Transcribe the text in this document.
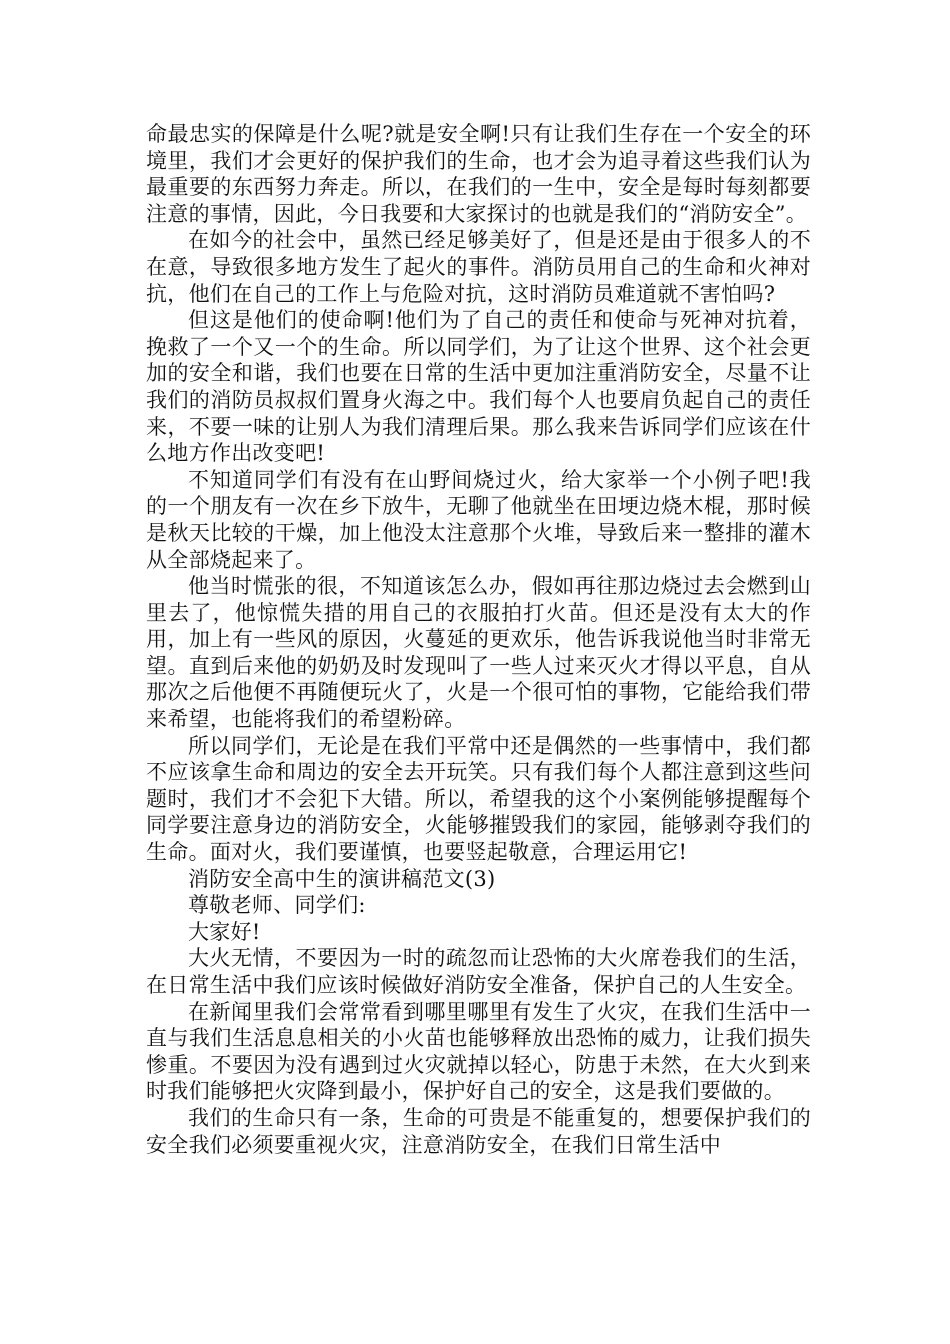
命最忠实的保障是什么呢?就是安全啊!只有让我们生存在一个安全的环境里，我们才会更好的保护我们的生命，也才会为追寻着这些我们认为最重要的东西努力奔走。所以，在我们的一生中，安全是每时每刻都要注意的事情，因此，今日我要和大家探讨的也就是我们的“消防安全”。

在如今的社会中，虽然已经足够美好了，但是还是由于很多人的不在意，导致很多地方发生了起火的事件。消防员用自己的生命和火神对抗，他们在自己的工作上与危险对抗，这时消防员难道就不害怕吗?

但这是他们的使命啊!他们为了自己的责任和使命与死神对抗着，挽救了一个又一个的生命。所以同学们，为了让这个世界、这个社会更加的安全和谐，我们也要在日常的生活中更加注重消防安全，尽量不让我们的消防员叔叔们置身火海之中。我们每个人也要肩负起自己的责任来，不要一味的让别人为我们清理后果。那么我来告诉同学们应该在什么地方作出改变吧!

不知道同学们有没有在山野间烧过火，给大家举一个小例子吧!我的一个朋友有一次在乡下放牛，无聊了他就坐在田埂边烧木棍，那时候是秋天比较的干燥，加上他没太注意那个火堆，导致后来一整排的灌木从全部烧起来了。

他当时慌张的很，不知道该怎么办，假如再往那边烧过去会燃到山里去了，他惊慌失措的用自己的衣服拍打火苗。但还是没有太大的作用，加上有一些风的原因，火蔓延的更欢乐，他告诉我说他当时非常无望。直到后来他的奶奶及时发现叫了一些人过来灭火才得以平息，自从那次之后他便不再随便玩火了，火是一个很可怕的事物，它能给我们带来希望，也能将我们的希望粉碎。

所以同学们，无论是在我们平常中还是偶然的一些事情中，我们都不应该拿生命和周边的安全去开玩笑。只有我们每个人都注意到这些问题时，我们才不会犯下大错。所以，希望我的这个小案例能够提醒每个同学要注意身边的消防安全，火能够摧毁我们的家园，能够剥夺我们的生命。面对火，我们要谨慎，也要竖起敬意，合理运用它!

消防安全高中生的演讲稿范文(3)

尊敬老师、同学们:

大家好!

大火无情，不要因为一时的疏忽而让恐怖的大火席卷我们的生活，在日常生活中我们应该时候做好消防安全准备，保护自己的人生安全。

在新闻里我们会常常看到哪里哪里有发生了火灾，在我们生活中一直与我们生活息息相关的小火苗也能够释放出恐怖的威力，让我们损失惨重。不要因为没有遇到过火灾就掉以轻心，防患于未然，在大火到来时我们能够把火灾降到最小，保护好自己的安全，这是我们要做的。

我们的生命只有一条，生命的可贵是不能重复的，想要保护我们的安全我们必须要重视火灾，注意消防安全，在我们日常生活中
